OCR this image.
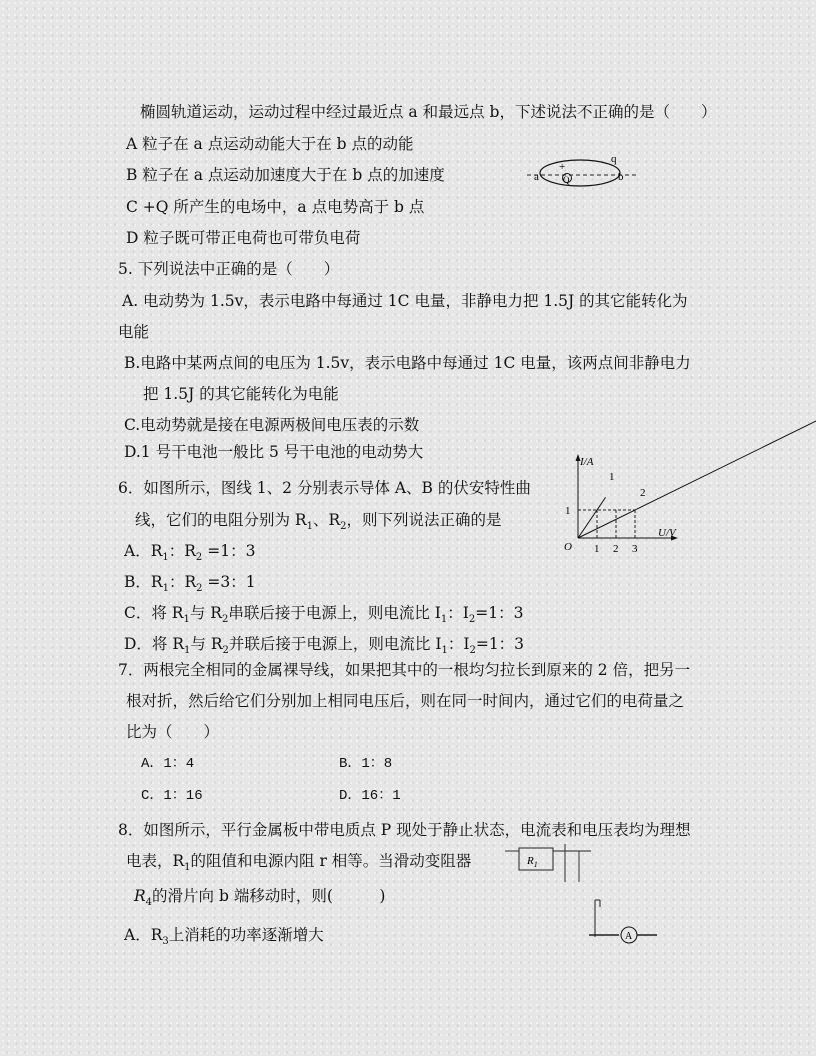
椭圆轨道运动，运动过程中经过最近点 a 和最远点 b，下述说法不正确的是（　　）
A 粒子在 a 点运动动能大于在 b 点的动能
B 粒子在 a 点运动加速度大于在 b 点的加速度
C +Q 所产生的电场中，a 点电势高于 b 点
D 粒子既可带正电荷也可带负电荷
+
Q
q
a	b
5. 下列说法中正确的是（　　）
A. 电动势为 1.5v，表示电路中每通过 1C 电量，非静电力把 1.5J 的其它能转化为
电能
B.电路中某两点间的电压为 1.5v，表示电路中每通过 1C 电量，该两点间非静电力
把 1.5J 的其它能转化为电能
C.电动势就是接在电源两极间电压表的示数
D.1 号干电池一般比 5 号干电池的电动势大
6．如图所示，图线 1、2 分别表示导体 A、B 的伏安特性曲
线，它们的电阻分别为 $R_1$、$R_2$，则下列说法正确的是
A．$R_1$：$R_2 =1$：3
B．$R_1$：$R_2 =3$：1
C．将 $R_1$与 $R_2$串联后接于电源上，则电流比 $I_1$：$I_2=1$：3
D．将 $R_1$与 $R_2$并联后接于电源上，则电流比 $I_1$：$I_2=1$：3
I/A
U/V
O 1 2 3
1
1
2
7．两根完全相同的金属裸导线，如果把其中的一根均匀拉长到原来的 2 倍，把另一
根对折，然后给它们分别加上相同电压后，则在同一时间内，通过它们的电荷量之
比为（　　）
A．1：4	B．1：8
C．1：16	D．16：1
8．如图所示，平行金属板中带电质点 P 现处于静止状态，电流表和电压表均为理想
电表，$R_1$的阻值和电源内阻 r 相等。当滑动变阻器
$R_4$的滑片向 b 端移动时，则(　　　)
A．$R_3$上消耗的功率逐渐增大
$R_1$
A
